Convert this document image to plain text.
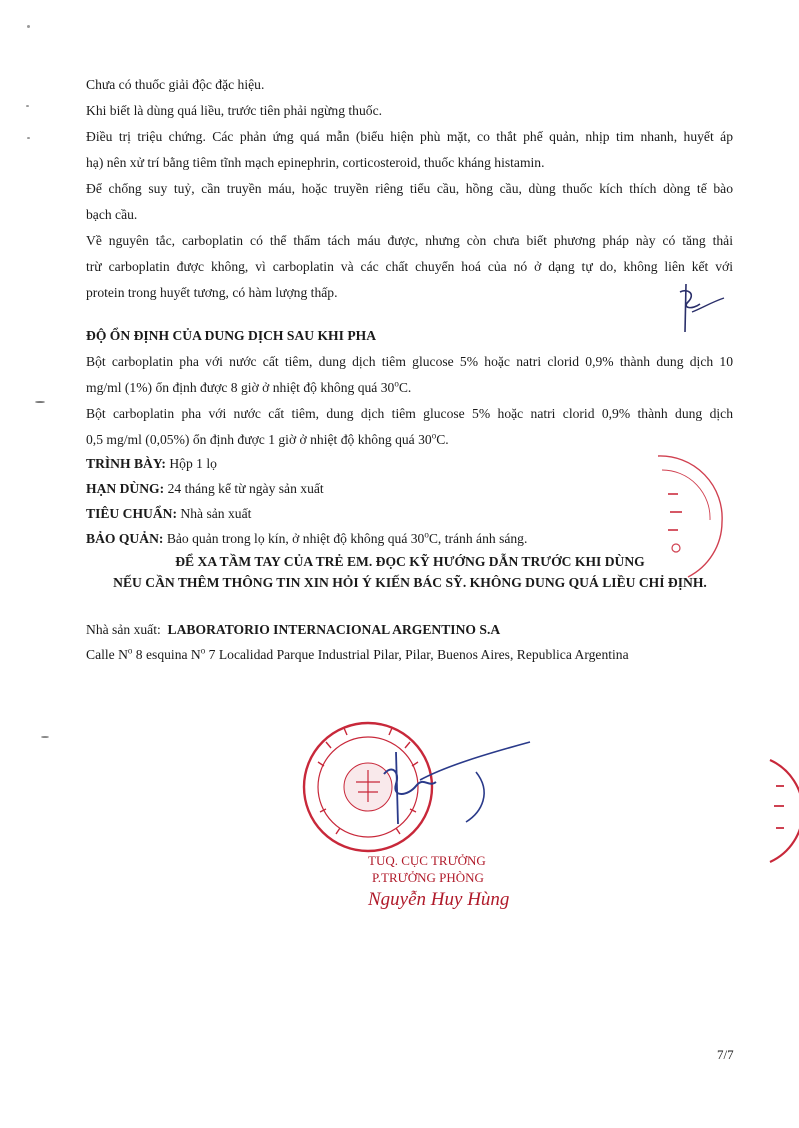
Chưa có thuốc giải độc đặc hiệu.
Khi biết là dùng quá liều, trước tiên phải ngừng thuốc.
Điều trị triệu chứng. Các phản ứng quá mẫn (biểu hiện phù mặt, co thắt phế quản, nhịp tim nhanh, huyết áp
hạ) nên xử trí bằng tiêm tĩnh mạch epinephrin, corticosteroid, thuốc kháng histamin.
Để chống suy tuỷ, cần truyền máu, hoặc truyền riêng tiểu cầu, hồng cầu, dùng thuốc kích thích dòng tế bào
bạch cầu.
Về nguyên tắc, carboplatin có thể thẩm tách máu được, nhưng còn chưa biết phương pháp này có tăng thải
trừ carboplatin được không, vì carboplatin và các chất chuyển hoá của nó ở dạng tự do, không liên kết với
protein trong huyết tương, có hàm lượng thấp.
ĐỘ ỔN ĐỊNH CỦA DUNG DỊCH SAU KHI PHA
Bột carboplatin pha với nước cất tiêm, dung dịch tiêm glucose 5% hoặc natri clorid 0,9% thành dung dịch 10
mg/ml (1%) ổn định được 8 giờ ở nhiệt độ không quá 30$^o$C.
Bột carboplatin pha với nước cất tiêm, dung dịch tiêm glucose 5% hoặc natri clorid 0,9% thành dung dịch
0,5 mg/ml (0,05%) ổn định được 1 giờ ở nhiệt độ không quá 30$^o$C.
TRÌNH BÀY: Hộp 1 lọ
HẠN DÙNG: 24 tháng kể từ ngày sản xuất
TIÊU CHUẨN: Nhà sản xuất
BẢO QUẢN: Bảo quản trong lọ kín, ở nhiệt độ không quá 30$^o$C, tránh ánh sáng.
ĐỂ XA TẦM TAY CỦA TRẺ EM. ĐỌC KỸ HƯỚNG DẪN TRƯỚC KHI DÙNG
NẾU CẦN THÊM THÔNG TIN XIN HỎI Ý KIẾN BÁC SỸ. KHÔNG DUNG QUÁ LIỀU CHỈ ĐỊNH.
Nhà sản xuất: LABORATORIO INTERNACIONAL ARGENTINO S.A
Calle $N^o$ 8 esquina $N^o$ 7 Localidad Parque Industrial Pilar, Pilar, Buenos Aires, Republica Argentina
TUQ. CỤC TRƯỞNG
P.TRƯỞNG PHÒNG
Nguyễn Huy Hùng
7/7
